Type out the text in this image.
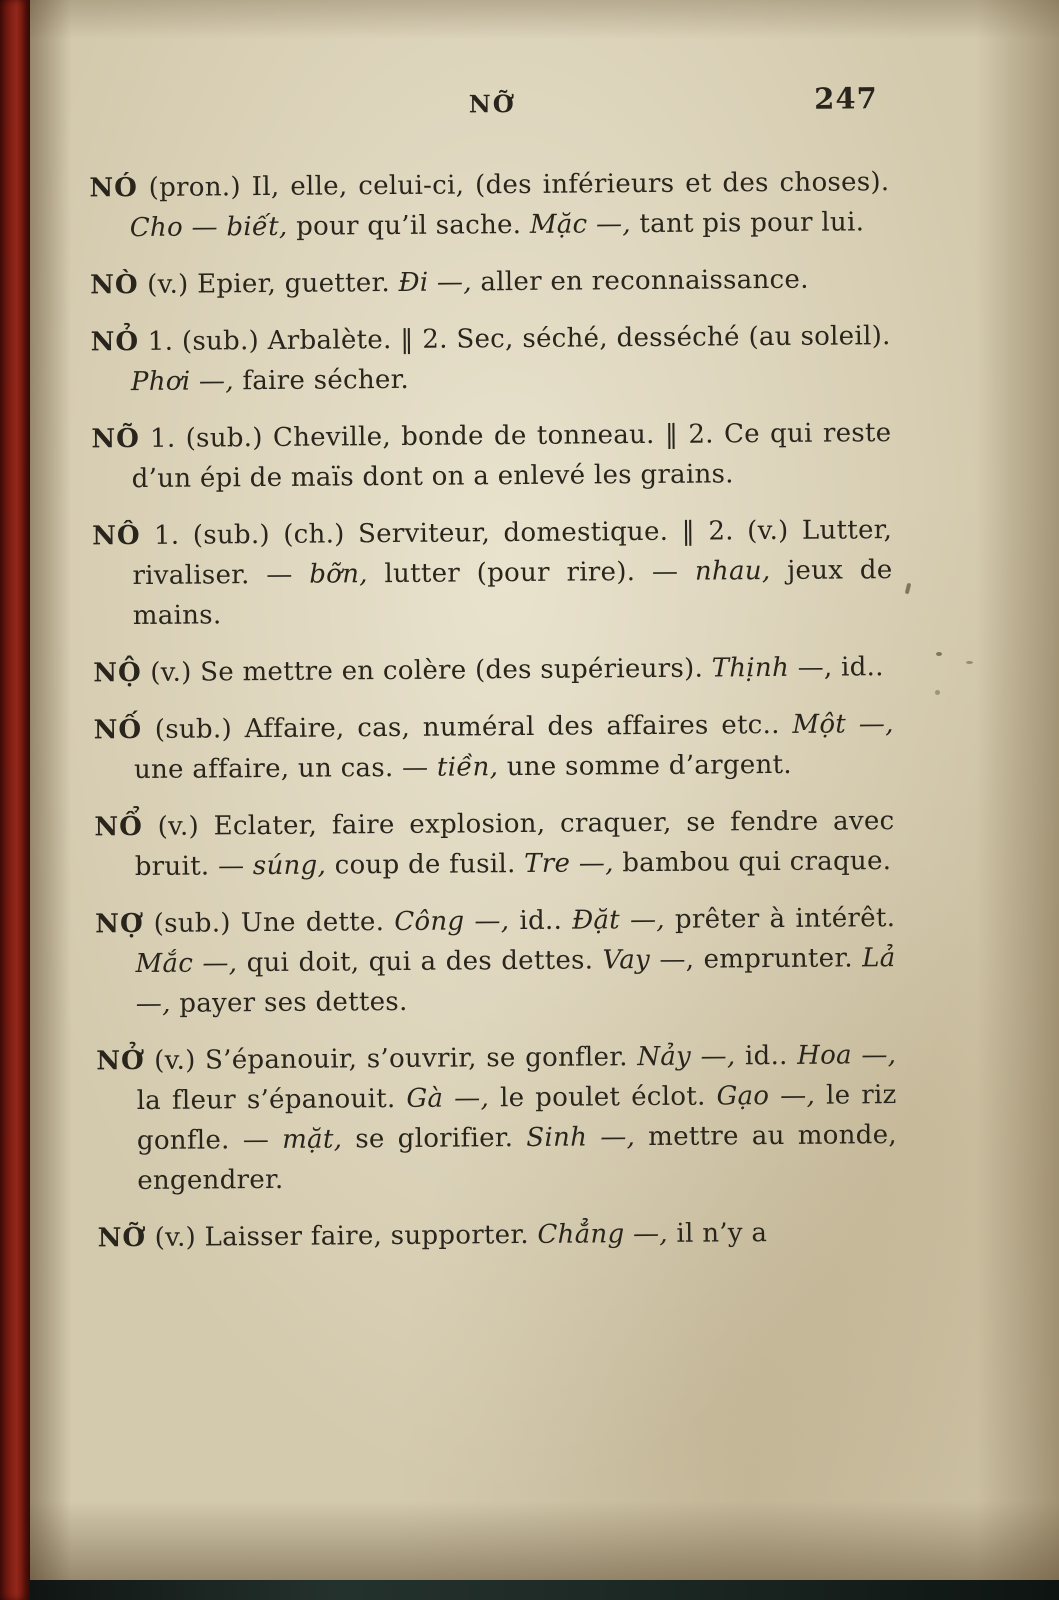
NỠ	247

NÓ (pron.) Il, elle, celui-ci, (des inférieurs et des choses). Cho — biết, pour qu’il sache. Mặc —, tant pis pour lui.

NÒ (v.) Epier, guetter. Đi —, aller en reconnaissance.

NỎ 1. (sub.) Arbalète. ‖ 2. Sec, séché, desséché (au soleil). Phơi —, faire sécher.

NÕ 1. (sub.) Cheville, bonde de tonneau. ‖ 2. Ce qui reste d’un épi de maïs dont on a enlevé les grains.

NÔ 1. (sub.) (ch.) Serviteur, domestique. ‖ 2. (v.) Lutter, rivaliser. — bỡn, lutter (pour rire). — nhau, jeux de mains.

NỘ (v.) Se mettre en colère (des supérieurs). Thịnh —, id..

NỐ (sub.) Affaire, cas, numéral des affaires etc.. Một —, une affaire, un cas. — tiền, une somme d’argent.

NỔ (v.) Eclater, faire explosion, craquer, se fendre avec bruit. — súng, coup de fusil. Tre —, bambou qui craque.

NỢ (sub.) Une dette. Công —, id.. Đặt —, prêter à intérêt. Mắc —, qui doit, qui a des dettes. Vay —, emprunter. Lả —, payer ses dettes.

NỞ (v.) S’épanouir, s’ouvrir, se gonfler. Nảy —, id.. Hoa —, la fleur s’épanouit. Gà —, le poulet éclot. Gạo —, le riz gonfle. — mặt, se glorifier. Sinh —, mettre au monde, engendrer.

NỠ (v.) Laisser faire, supporter. Chẳng —, il n’y a
